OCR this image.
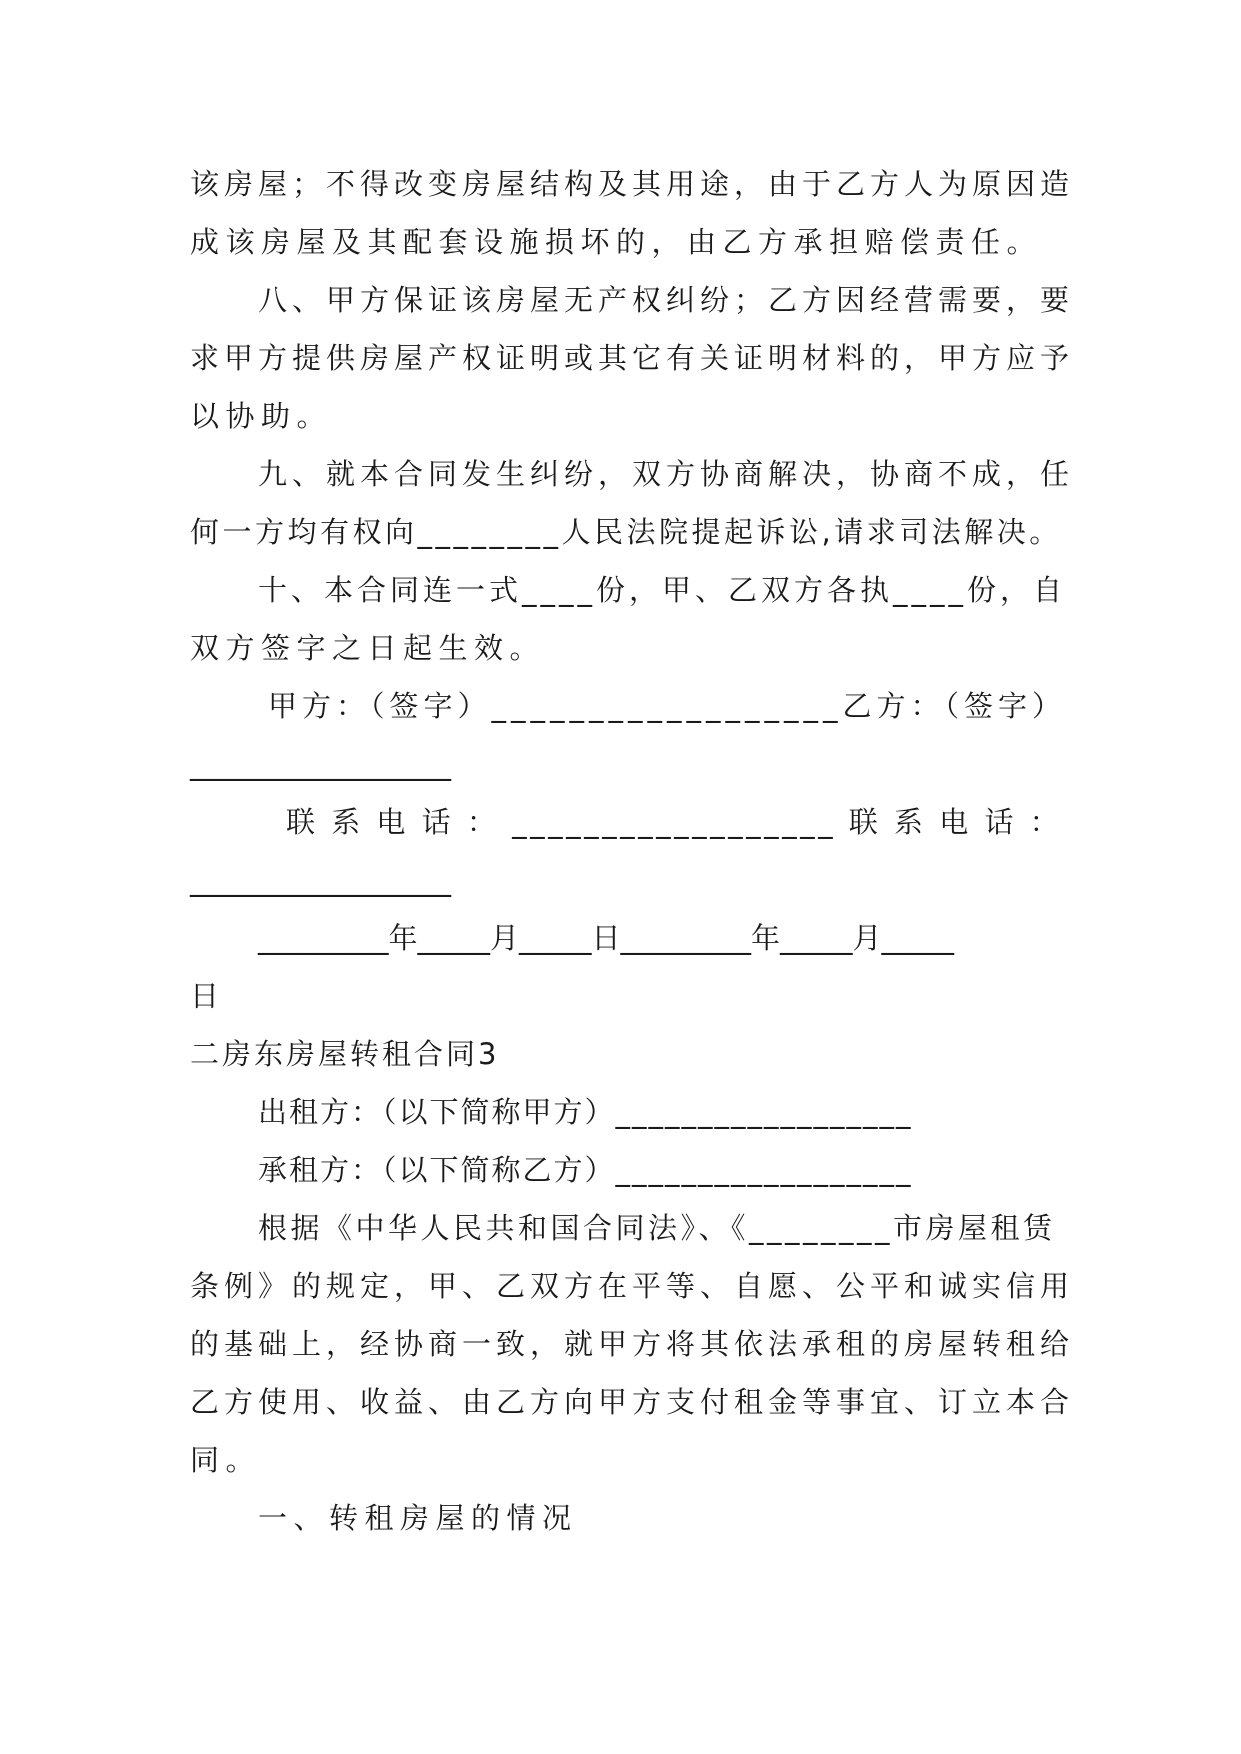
该房屋；不得改变房屋结构及其用途，由于乙方人为原因造
成该房屋及其配套设施损坏的，由乙方承担赔偿责任。
八、甲方保证该房屋无产权纠纷；乙方因经营需要，要
求甲方提供房屋产权证明或其它有关证明材料的，甲方应予
以协助。
九、就本合同发生纠纷，双方协商解决，协商不成，任
何一方均有权向________人民法院提起诉讼,请求司法解决。
十、本合同连一式____份，甲、乙双方各执____份，自
双方签字之日起生效。
甲方：（签字）__________________乙方：（签字）
__________________
联 系 电 话 ： __________________ 联 系 电 话 ：
__________________
_________年_____月_____日_________年_____月_____
日
二房东房屋转租合同3
出租方：（以下简称甲方）__________________
承租方：（以下简称乙方）__________________
根据《中华人民共和国合同法》、《________市房屋租赁
条例》的规定，甲、乙双方在平等、自愿、公平和诚实信用
的基础上，经协商一致，就甲方将其依法承租的房屋转租给
乙方使用、收益、由乙方向甲方支付租金等事宜、订立本合
同。
一、转租房屋的情况
